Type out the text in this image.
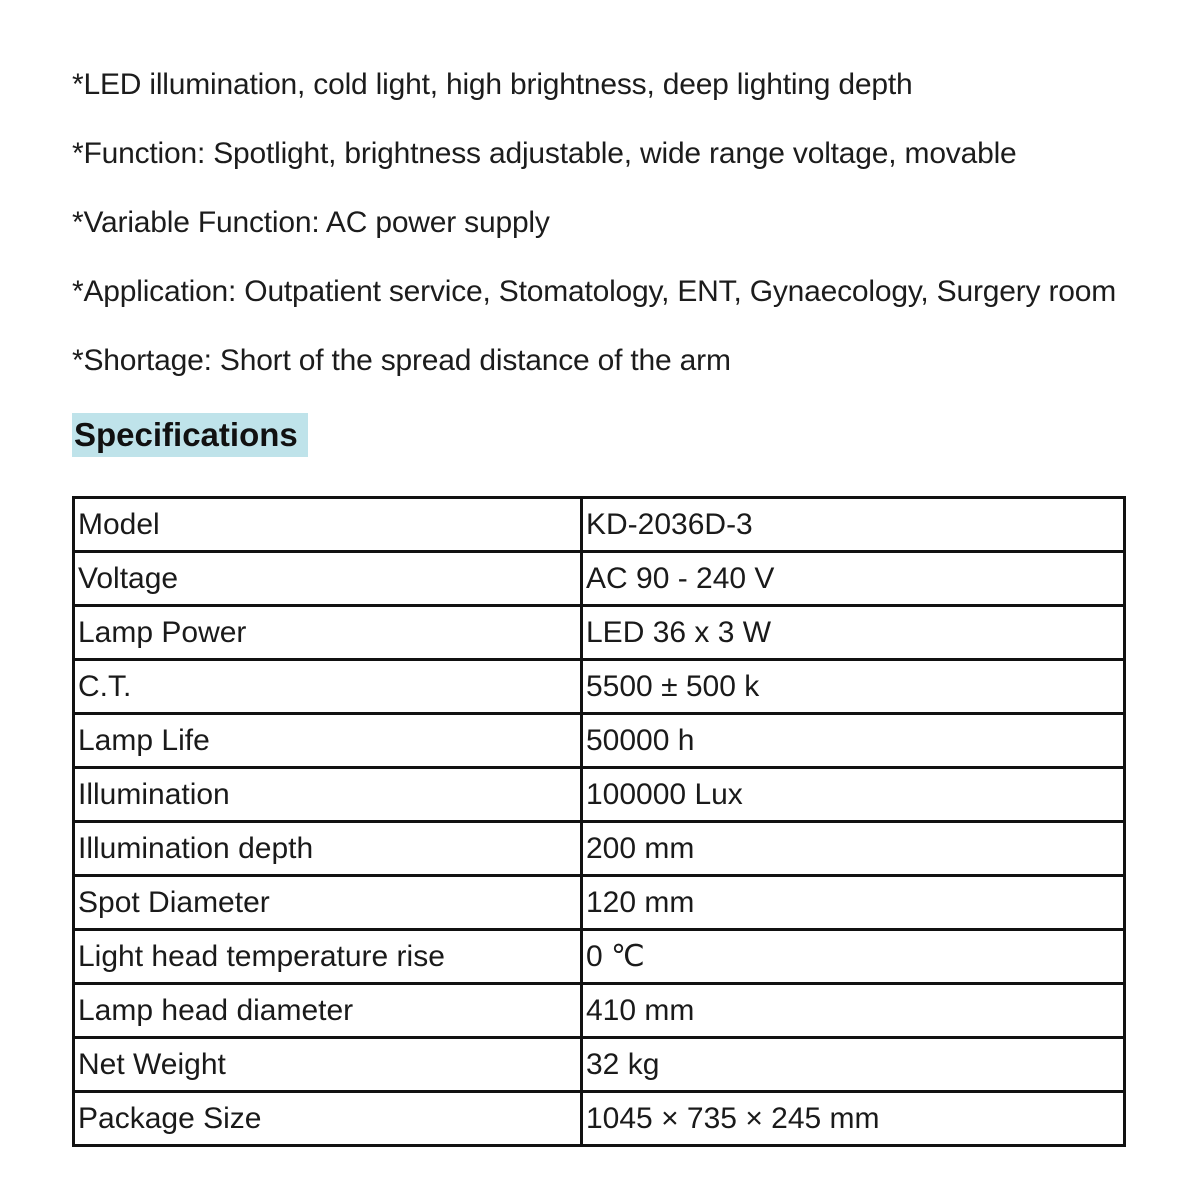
*LED illumination, cold light, high brightness, deep lighting depth
*Function: Spotlight, brightness adjustable, wide range voltage, movable
*Variable Function: AC power supply
*Application: Outpatient service, Stomatology, ENT, Gynaecology, Surgery room
*Shortage: Short of the spread distance of the arm
Specifications
Model	KD-2036D-3
Voltage	AC 90 - 240 V
Lamp Power	LED 36 x 3 W
C.T.	5500 ± 500 k
Lamp Life	50000 h
Illumination	100000 Lux
Illumination depth	200 mm
Spot Diameter	120 mm
Light head temperature rise	0 ℃
Lamp head diameter	410 mm
Net Weight	32 kg
Package Size	1045 × 735 × 245 mm
